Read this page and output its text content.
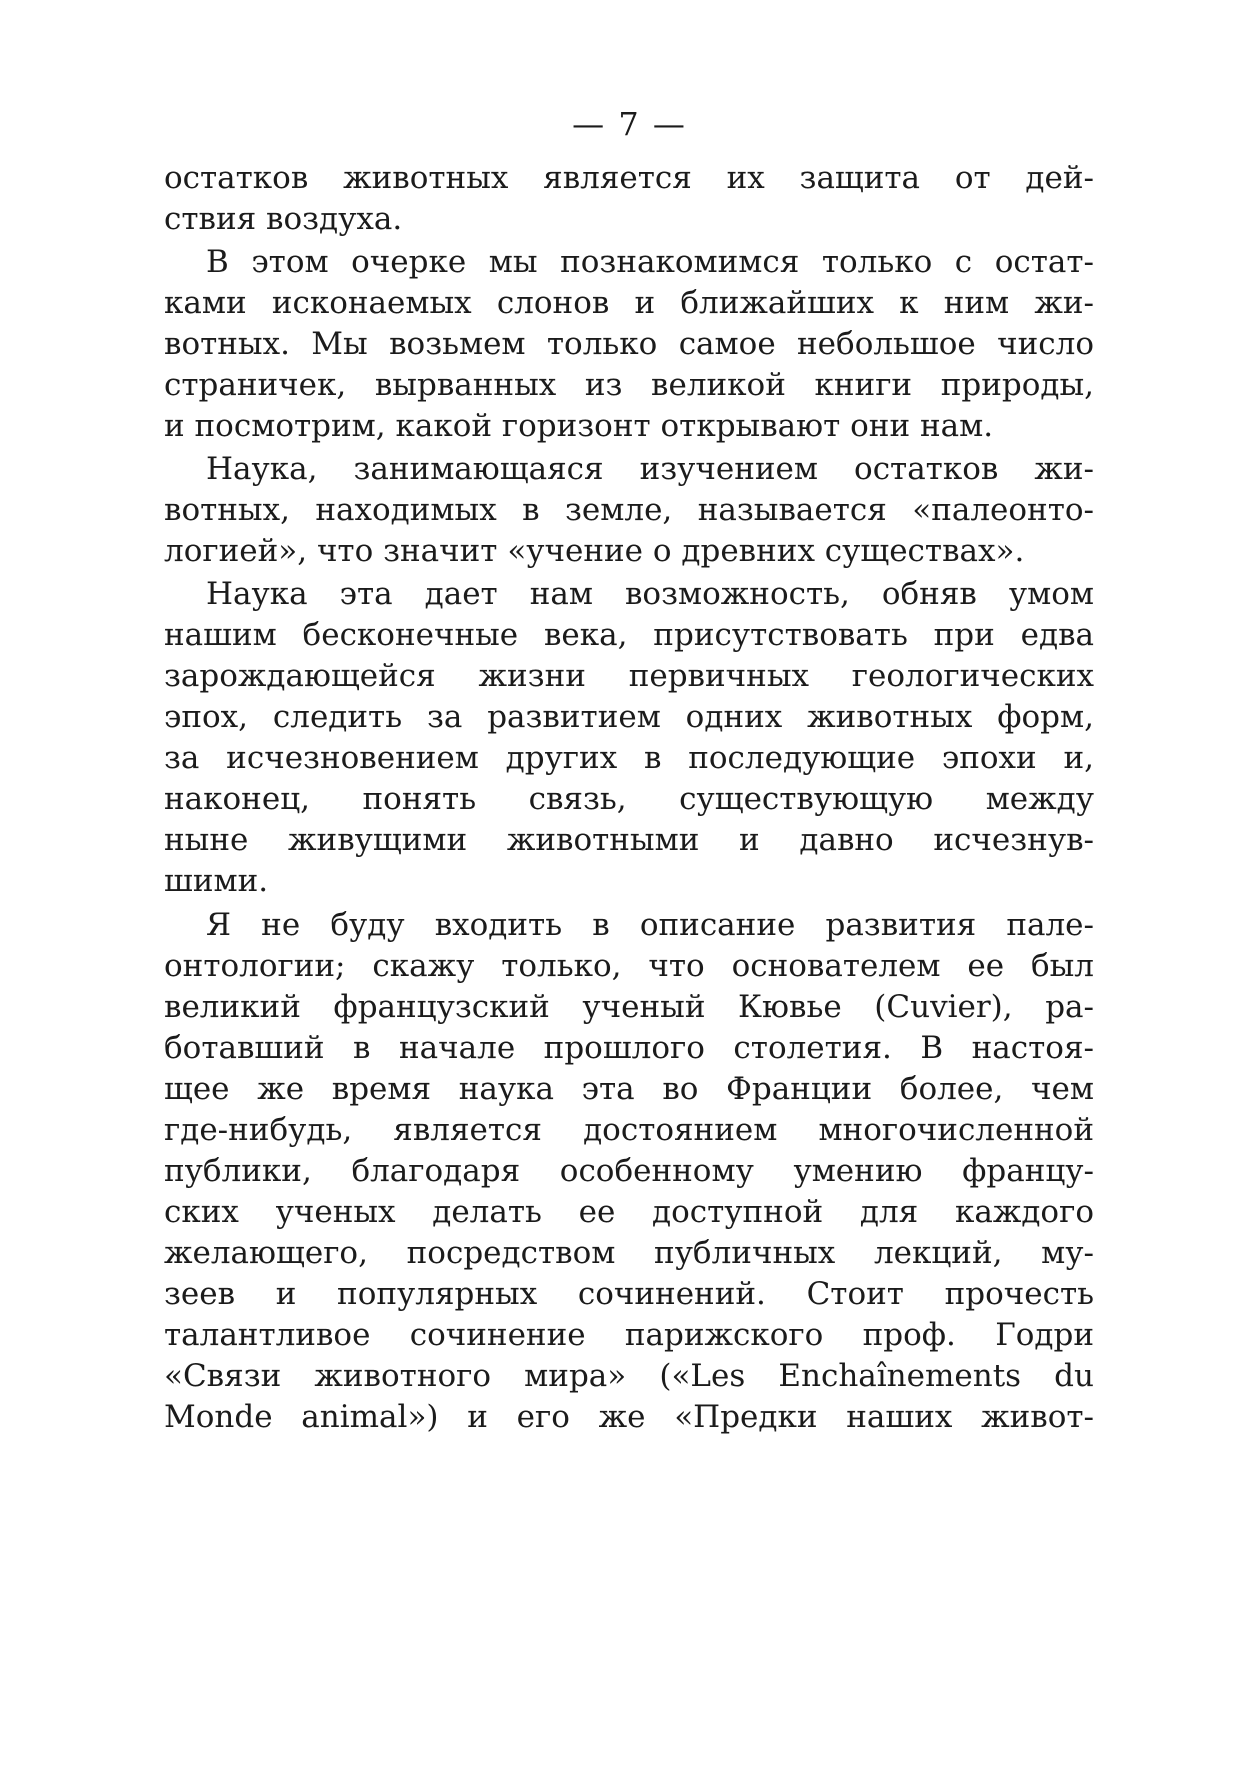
— 7 —
остатков животных является их защита от дей-
ствия воздуха.
В этом очерке мы познакомимся только с остат-
ками исконаемых слонов и ближайших к ним жи-
вотных. Мы возьмем только самое небольшое число
страничек, вырванных из великой книги природы,
и посмотрим, какой горизонт открывают они нам.
Наука, занимающаяся изучением остатков жи-
вотных, находимых в земле, называется «палеонто-
логией», что значит «учение о древних существах».
Наука эта дает нам возможность, обняв умом
нашим бесконечные века, присутствовать при едва
зарождающейся жизни первичных геологических
эпох, следить за развитием одних животных форм,
за исчезновением других в последующие эпохи и,
наконец, понять связь, существующую между
ныне живущими животными и давно исчезнув-
шими.
Я не буду входить в описание развития пале-
онтологии; скажу только, что основателем ее был
великий французский ученый Кювье (Cuvier), ра-
ботавший в начале прошлого столетия. В настоя-
щее же время наука эта во Франции более, чем
где-нибудь, является достоянием многочисленной
публики, благодаря особенному умению францу-
ских ученых делать ее доступной для каждого
желающего, посредством публичных лекций, му-
зеев и популярных сочинений. Стоит прочесть
талантливое сочинение парижского проф. Годри
«Связи животного мира» («Les Enchaînements du
Monde animal») и его же «Предки наших живот-
